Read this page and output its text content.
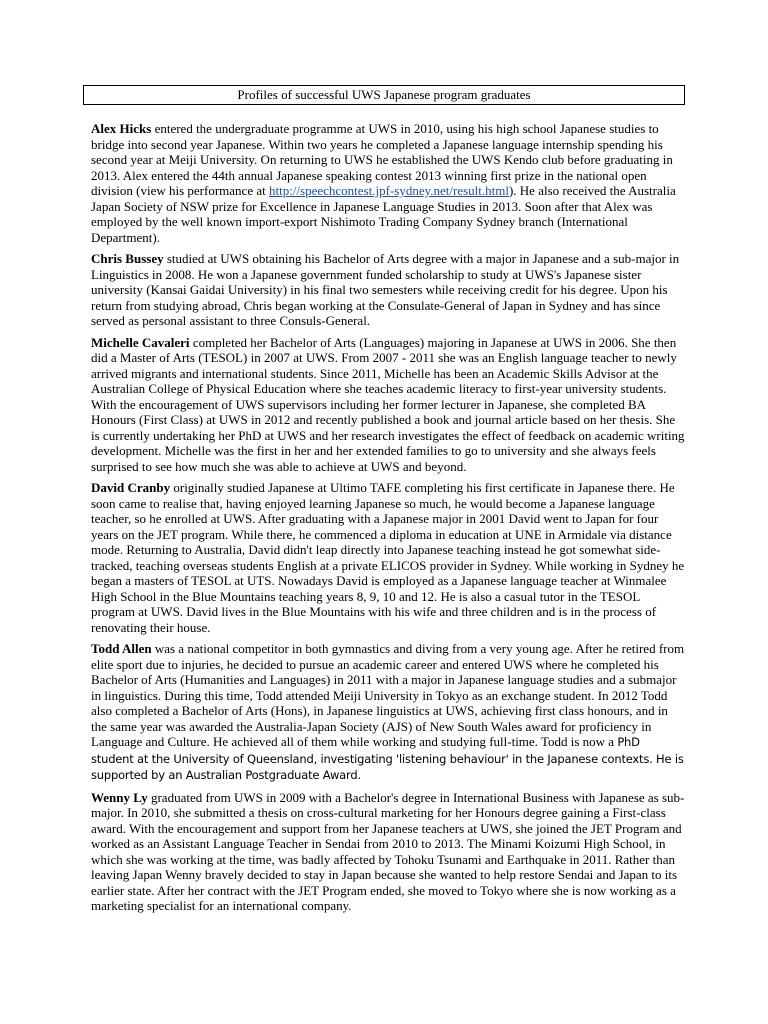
Profiles of successful UWS Japanese program graduates

Alex Hicks entered the undergraduate programme at UWS in 2010, using his high school Japanese studies to bridge into second year Japanese. Within two years he completed a Japanese language internship spending his second year at Meiji University. On returning to UWS he established the UWS Kendo club before graduating in 2013. Alex entered the 44th annual Japanese speaking contest 2013 winning first prize in the national open division (view his performance at http://speechcontest.jpf-sydney.net/result.html). He also received the Australia Japan Society of NSW prize for Excellence in Japanese Language Studies in 2013. Soon after that Alex was employed by the well known import-export Nishimoto Trading Company Sydney branch (International Department).

Chris Bussey studied at UWS obtaining his Bachelor of Arts degree with a major in Japanese and a sub-major in Linguistics in 2008. He won a Japanese government funded scholarship to study at UWS's Japanese sister university (Kansai Gaidai University) in his final two semesters while receiving credit for his degree. Upon his return from studying abroad, Chris began working at the Consulate-General of Japan in Sydney and has since served as personal assistant to three Consuls-General.

Michelle Cavaleri completed her Bachelor of Arts (Languages) majoring in Japanese at UWS in 2006. She then did a Master of Arts (TESOL) in 2007 at UWS. From 2007 - 2011 she was an English language teacher to newly arrived migrants and international students. Since 2011, Michelle has been an Academic Skills Advisor at the Australian College of Physical Education where she teaches academic literacy to first-year university students. With the encouragement of UWS supervisors including her former lecturer in Japanese, she completed BA Honours (First Class) at UWS in 2012 and recently published a book and journal article based on her thesis. She is currently undertaking her PhD at UWS and her research investigates the effect of feedback on academic writing development. Michelle was the first in her and her extended families to go to university and she always feels surprised to see how much she was able to achieve at UWS and beyond.

David Cranby originally studied Japanese at Ultimo TAFE completing his first certificate in Japanese there. He soon came to realise that, having enjoyed learning Japanese so much, he would become a Japanese language teacher, so he enrolled at UWS. After graduating with a Japanese major in 2001 David went to Japan for four years on the JET program. While there, he commenced a diploma in education at UNE in Armidale via distance mode. Returning to Australia, David didn't leap directly into Japanese teaching instead he got somewhat side-tracked, teaching overseas students English at a private ELICOS provider in Sydney. While working in Sydney he began a masters of TESOL at UTS. Nowadays David is employed as a Japanese language teacher at Winmalee High School in the Blue Mountains teaching years 8, 9, 10 and 12. He is also a casual tutor in the TESOL program at UWS. David lives in the Blue Mountains with his wife and three children and is in the process of renovating their house.

Todd Allen was a national competitor in both gymnastics and diving from a very young age. After he retired from elite sport due to injuries, he decided to pursue an academic career and entered UWS where he completed his Bachelor of Arts (Humanities and Languages) in 2011 with a major in Japanese language studies and a submajor in linguistics. During this time, Todd attended Meiji University in Tokyo as an exchange student. In 2012 Todd also completed a Bachelor of Arts (Hons), in Japanese linguistics at UWS, achieving first class honours, and in the same year was awarded the Australia-Japan Society (AJS) of New South Wales award for proficiency in Language and Culture. He achieved all of them while working and studying full-time. Todd is now a PhD student at the University of Queensland, investigating 'listening behaviour' in the Japanese contexts. He is supported by an Australian Postgraduate Award.

Wenny Ly graduated from UWS in 2009 with a Bachelor's degree in International Business with Japanese as sub-major. In 2010, she submitted a thesis on cross-cultural marketing for her Honours degree gaining a First-class award. With the encouragement and support from her Japanese teachers at UWS, she joined the JET Program and worked as an Assistant Language Teacher in Sendai from 2010 to 2013. The Minami Koizumi High School, in which she was working at the time, was badly affected by Tohoku Tsunami and Earthquake in 2011. Rather than leaving Japan Wenny bravely decided to stay in Japan because she wanted to help restore Sendai and Japan to its earlier state. After her contract with the JET Program ended, she moved to Tokyo where she is now working as a marketing specialist for an international company.
